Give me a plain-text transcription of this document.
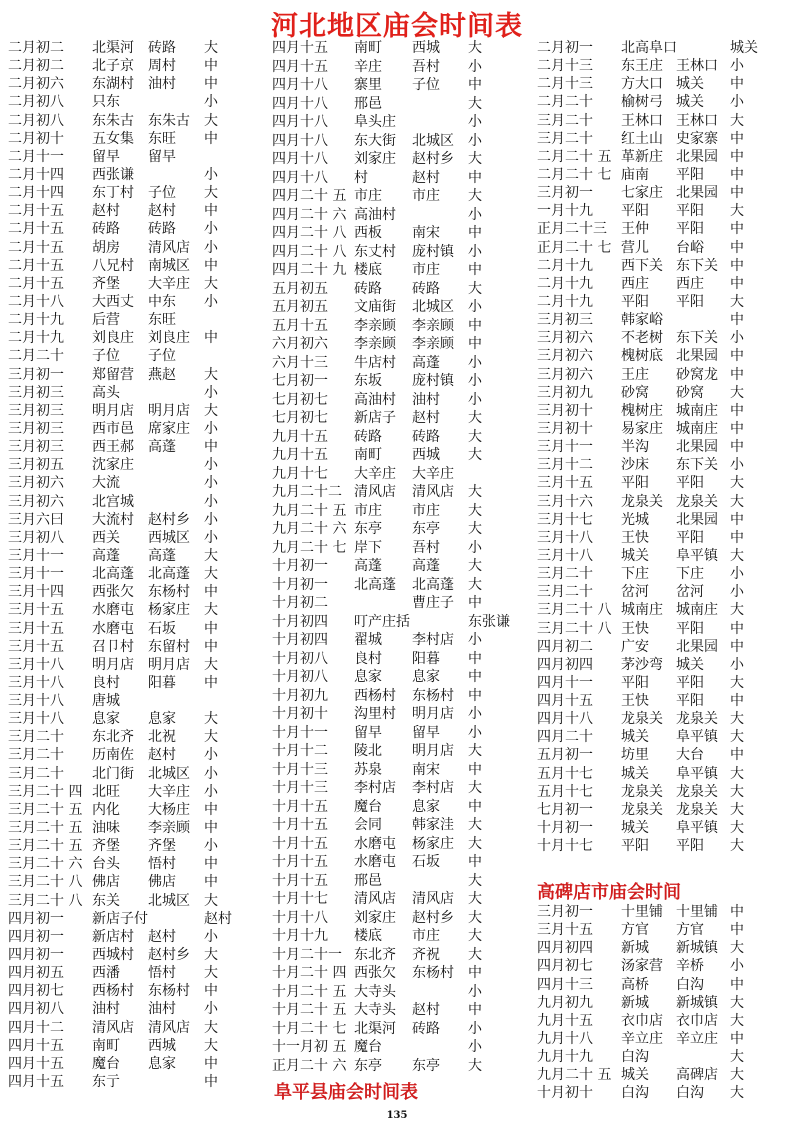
河北地区庙会时间表
二月初二 北渠河 砖路 大
二月初二 北子京 周村 中
二月初六 东湖村 油村 中
二月初八 只东	小
二月初八 东朱古 东朱古 大
二月初十 五女集 东旺 中
二月十一 留早 留早
二月十四 西张谦	小
二月十四 东丁村 子位 大
二月十五 赵村 赵村 中
二月十五 砖路 砖路 小
二月十五 胡房 清风店 小
二月十五 八兄村 南城区 中
二月十五 齐堡 大辛庄 大
二月十八 大西丈 中东 小
二月十九 后营 东旺
二月十九 刘良庄 刘良庄 中
二月二十 子位 子位
三月初一 郑留营 燕赵 大
三月初三 高头	小
三月初三 明月店 明月店 大
三月初三 西市邑 席家庄 小
三月初三 西王郝 高蓬 中
三月初五 沈家庄	小
三月初六 大流	小
三月初六 北宫城	小
三月六曰 大流村 赵村乡 小
三月初八 西关 西城区 小
三月十一 高蓬 高蓬 大
三月十一 北高蓬 北高蓬 大
三月十四 西张欠 东杨村 中
三月十五 水磨屯 杨家庄 大
三月十五 水磨屯 石坂 中
三月十五 召卩村 东留村 中
三月十八 明月店 明月店 大
三月十八 良村 阳暮 中
三月十八 唐城
三月十八 息家 息家 大
三月二十 东北齐 北祝 大
三月二十 历南佐 赵村 小
三月二十 北门街 北城区 小
三月二十 四 北旺 大辛庄 小
三月二十 五 内化 大杨庄 中
三月二十 五 油味 李亲顾 中
三月二十 五 齐堡 齐堡 小
三月二十 六 台头 悟村 中
三月二十 八 佛店 佛店 中
三月二十 八 东关 北城区 大
四月初一 新店子付	赵村
四月初一 新店村 赵村 小
四月初一 西城村 赵村乡 大
四月初五 西潘 悟村 大
四月初七 西杨村 东杨村 中
四月初八 油村 油村 小
四月十二 清风店 清风店 大
四月十五 南町 西城 大
四月十五 魔台 息家 中
四月十五 东亍	中
四月十五 南町 西城 大
四月十五 辛庄 吾村 小
四月十八 寨里 子位 中
四月十八 邢邑	大
四月十八 阜头庄	小
四月十八 东大街 北城区 小
四月十八 刘家庄 赵村乡 大
四月十八 村	赵村 中
四月二十 五 市庄 市庄 大
四月二十 六 高油村	小
四月二十 八 西板 南宋 中
四月二十 八 东丈村 庞村镇 小
四月二十 九 楼底 市庄 中
五月初五 砖路 砖路 大
五月初五 文庙街 北城区 小
五月十五 李亲顾 李亲顾 中
六月初六 李亲顾 李亲顾 中
六月十三 牛店村 高蓬 小
七月初一 东坂 庞村镇 小
七月初七 高油村 油村 小
七月初七 新店子 赵村 大
九月十五 砖路 砖路 大
九月十五 南町 西城 大
九月十七 大辛庄 大辛庄
九月二十二 清风店 清风店 大
九月二十 五 市庄 市庄 大
九月二十 六 东亭 东亭 大
九月二十 七 岸下 吾村 小
十月初一 高蓬 高蓬 大
十月初一 北高蓬 北高蓬 大
十月初二	曹庄子 中
十月初四 叮产庄括	东张谦
十月初四 翟城 李村店 小
十月初八 良村 阳暮 中
十月初八 息家 息家 中
十月初九 西杨村 东杨村 中
十月初十 沟里村 明月店 小
十月十一 留早 留早 小
十月十二 陵北 明月店 大
十月十三 苏泉 南宋 中
十月十三 李村店 李村店 大
十月十五 魔台 息家 中
十月十五 会同 韩家洼 大
十月十五 水磨屯 杨家庄 大
十月十五 水磨屯 石坂 中
十月十五 邢邑	大
十月十七 清风店 清风店 大
十月十八 刘家庄 赵村乡 大
十月十九 楼底 市庄 大
十月二十一 东北齐 齐祝 大
十月二十 四 西张欠 东杨村 中
十月二十 五 大寺头	小
十月二十 五 大寺头 赵村 中
十月二十 七 北渠河 砖路 小
十一月初 五 魔台	小
正月二十 六 东亭 东亭 大
阜平县庙会时间表
二月初一 北高阜口	城关
二月十三 东王庄 王林口 小
二月十三 方大口 城关 中
二月二十 榆树弓 城关 小
三月二十 王林口 王林口 大
三月二十 红土山 史家寨 中
二月二十 五 革新庄 北果园 中
二月二十 七 庙南 平阳 中
三月初一 七家庄 北果园 中
一月十九 平阳 平阳 大
正月二十三 王仲 平阳 中
正月二十 七 营儿 台峪 中
二月十九 西下关 东下关 中
二月十九 西庄 西庄 中
二月十九 平阳 平阳 大
三月初三 韩家峪	中
三月初六 不老树 东下关 小
三月初六 槐树底 北果园 中
三月初六 王庄 砂窝龙 中
三月初九 砂窝 砂窝 大
三月初十 槐树庄 城南庄 中
三月初十 易家庄 城南庄 中
三月十一 半沟 北果园 中
三月十二 沙床 东下关 小
三月十五 平阳 平阳 大
三月十六 龙泉关 龙泉关 大
三月十七 光城 北果园 中
三月十八 王快 平阳 中
三月十八 城关 阜平镇 大
三月二十 下庄 下庄 小
三月二十 岔河 岔河 小
三月二十 八 城南庄 城南庄 大
三月二十 八 王快 平阳 中
四月初二 广安 北果园 中
四月初四 茅沙弯 城关 小
四月十一 平阳 平阳 大
四月十五 王快 平阳 中
四月十八 龙泉关 龙泉关 大
四月二十 城关 阜平镇 大
五月初一 坊里 大台 中
五月十七 城关 阜平镇 大
五月十七 龙泉关 龙泉关 大
七月初一 龙泉关 龙泉关 大
十月初一 城关 阜平镇 大
十月十七 平阳 平阳 大
高碑店市庙会时间
三月初一 十里铺 十里铺 中
三月十五 方官 方官 中
四月初四 新城 新城镇 大
四月初七 汤家营 辛桥 小
四月十三 高桥 白沟 中
九月初九 新城 新城镇 大
九月十五 衣巾店 衣巾店 大
九月十八 辛立庄 辛立庄 中
九月十九 白沟	大
九月二十 五 城关 高碑店 大
十月初十 白沟 白沟 大
135
